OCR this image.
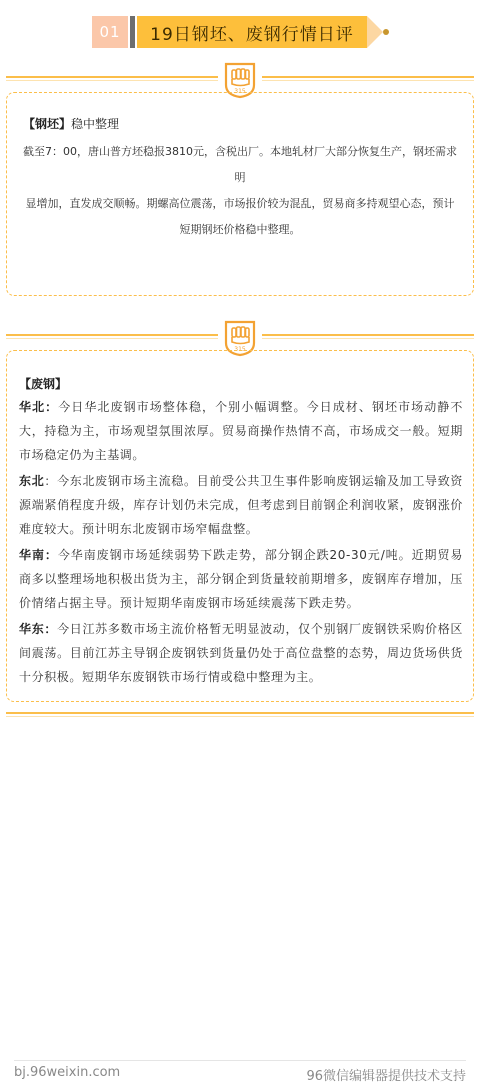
01	19日钢坯、废钢行情日评
315
【钢坯】稳中整理
截至7：00，唐山普方坯稳报3810元，含税出厂。本地轧材厂大部分恢复生产，钢坯需求明
显增加，直发成交顺畅。期螺高位震荡，市场报价较为混乱，贸易商多持观望心态，预计
短期钢坯价格稳中整理。
315
【废钢】

华北：今日华北废钢市场整体稳，个别小幅调整。今日成材、钢坯市场动静不大，持稳为主，市场观望氛围浓厚。贸易商操作热情不高，市场成交一般。短期市场稳定仍为主基调。

东北：今东北废钢市场主流稳。目前受公共卫生事件影响废钢运输及加工导致资源端紧俏程度升级，库存计划仍未完成，但考虑到目前钢企利润收紧，废钢涨价难度较大。预计明东北废钢市场窄幅盘整。

华南：今华南废钢市场延续弱势下跌走势，部分钢企跌20-30元/吨。近期贸易商多以整理场地积极出货为主，部分钢企到货量较前期增多，废钢库存增加，压价情绪占据主导。预计短期华南废钢市场延续震荡下跌走势。

华东：今日江苏多数市场主流价格暂无明显波动，仅个别钢厂废钢铁采购价格区间震荡。目前江苏主导钢企废钢铁到货量仍处于高位盘整的态势，周边货场供货十分积极。短期华东废钢铁市场行情或稳中整理为主。

bj.96weixin.com	96微信编辑器提供技术支持
